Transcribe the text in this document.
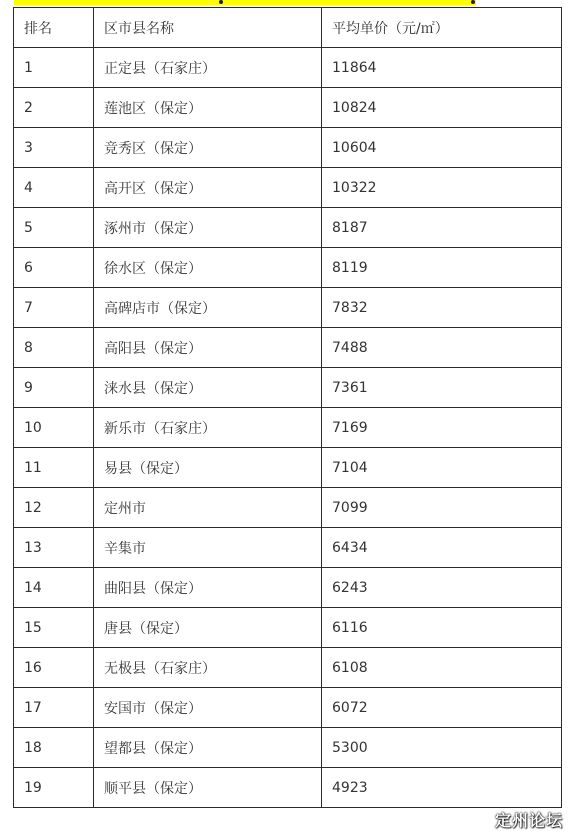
排名	区市县名称	平均单价（元/㎡）
1	正定县（石家庄）	11864
2	莲池区（保定）	10824
3	竞秀区（保定）	10604
4	高开区（保定）	10322
5	涿州市（保定）	8187
6	徐水区（保定）	8119
7	高碑店市（保定）	7832
8	高阳县（保定）	7488
9	涞水县（保定）	7361
10	新乐市（石家庄）	7169
11	易县（保定）	7104
12	定州市	7099
13	辛集市	6434
14	曲阳县（保定）	6243
15	唐县（保定）	6116
16	无极县（石家庄）	6108
17	安国市（保定）	6072
18	望都县（保定）	5300
19	顺平县（保定）	4923
定州论坛
